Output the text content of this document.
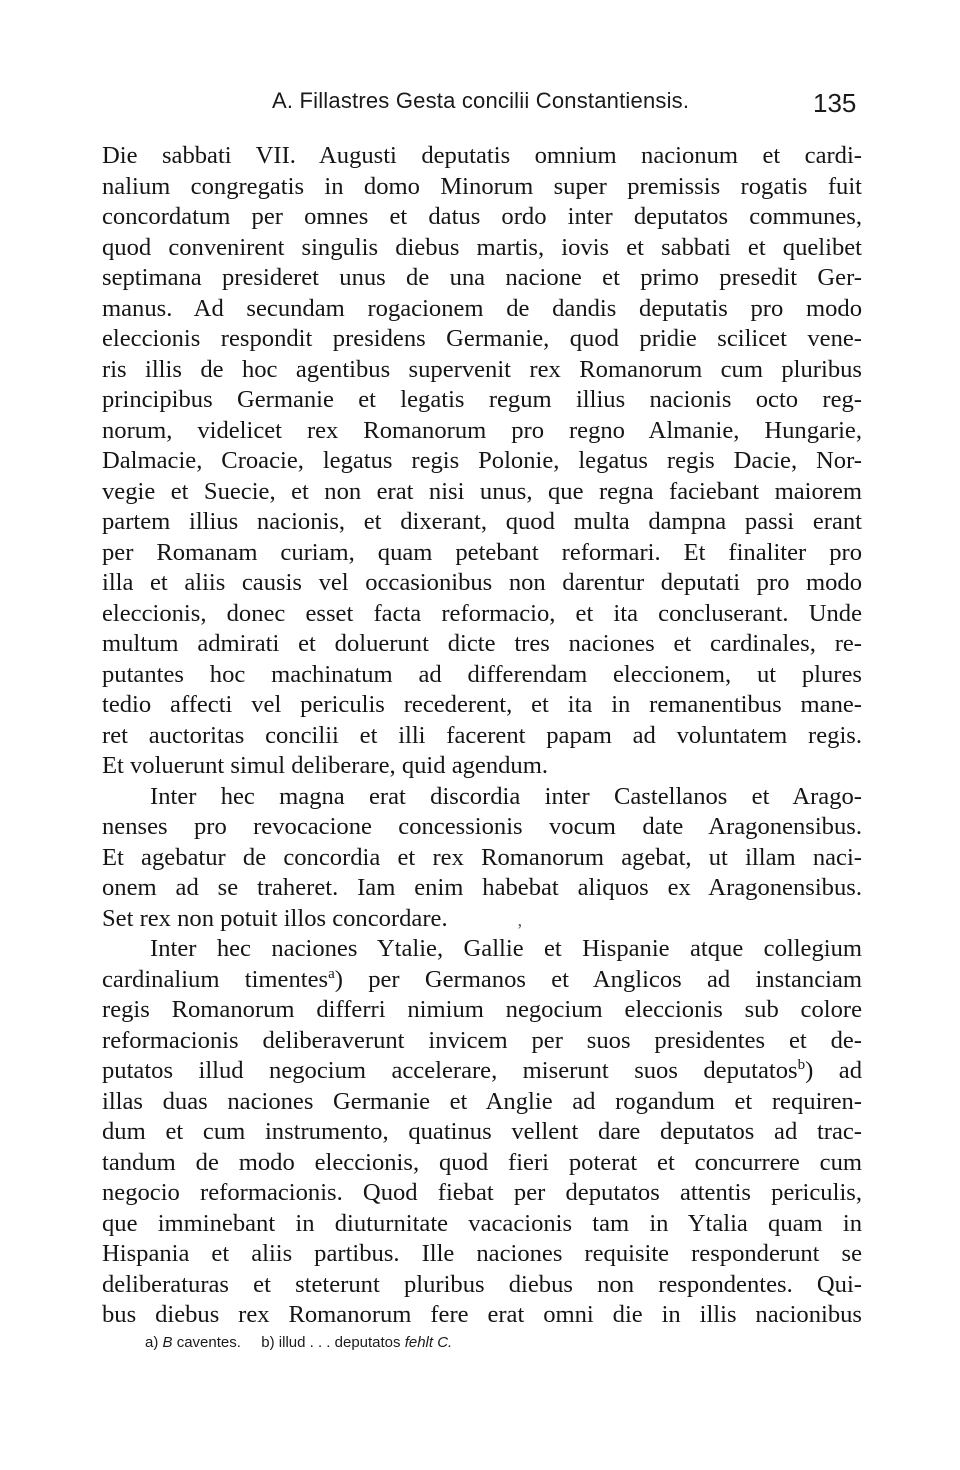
A. Fillastres Gesta concilii Constantiensis.	135
Die sabbati VII. Augusti deputatis omnium nacionum et cardi-
nalium congregatis in domo Minorum super premissis rogatis fuit
concordatum per omnes et datus ordo inter deputatos communes,
quod convenirent singulis diebus martis, iovis et sabbati et quelibet
septimana presideret unus de una nacione et primo presedit Ger-
manus. Ad secundam rogacionem de dandis deputatis pro modo
eleccionis respondit presidens Germanie, quod pridie scilicet vene-
ris illis de hoc agentibus supervenit rex Romanorum cum pluribus
principibus Germanie et legatis regum illius nacionis octo reg-
norum, videlicet rex Romanorum pro regno Almanie, Hungarie,
Dalmacie, Croacie, legatus regis Polonie, legatus regis Dacie, Nor-
vegie et Suecie, et non erat nisi unus, que regna faciebant maiorem
partem illius nacionis, et dixerant, quod multa dampna passi erant
per Romanam curiam, quam petebant reformari. Et finaliter pro
illa et aliis causis vel occasionibus non darentur deputati pro modo
eleccionis, donec esset facta reformacio, et ita concluserant. Unde
multum admirati et doluerunt dicte tres naciones et cardinales, re-
putantes hoc machinatum ad differendam eleccionem, ut plures
tedio affecti vel periculis recederent, et ita in remanentibus mane-
ret auctoritas concilii et illi facerent papam ad voluntatem regis.
Et voluerunt simul deliberare, quid agendum.
Inter hec magna erat discordia inter Castellanos et Arago-
nenses pro revocacione concessionis vocum date Aragonensibus.
Et agebatur de concordia et rex Romanorum agebat, ut illam naci-
onem ad se traheret. Iam enim habebat aliquos ex Aragonensibus.
Set rex non potuit illos concordare.	,
Inter hec naciones Ytalie, Gallie et Hispanie atque collegium
cardinalium timentes$^a$) per Germanos et Anglicos ad instanciam
regis Romanorum differri nimium negocium eleccionis sub colore
reformacionis deliberaverunt invicem per suos presidentes et de-
putatos illud negocium accelerare, miserunt suos deputatos$^b$) ad
illas duas naciones Germanie et Anglie ad rogandum et requiren-
dum et cum instrumento, quatinus vellent dare deputatos ad trac-
tandum de modo eleccionis, quod fieri poterat et concurrere cum
negocio reformacionis. Quod fiebat per deputatos attentis periculis,
que imminebant in diuturnitate vacacionis tam in Ytalia quam in
Hispania et aliis partibus. Ille naciones requisite responderunt se
deliberaturas et steterunt pluribus diebus non respondentes. Qui-
bus diebus rex Romanorum fere erat omni die in illis nacionibus
a) B caventes. b) illud . . . deputatos fehlt C.
